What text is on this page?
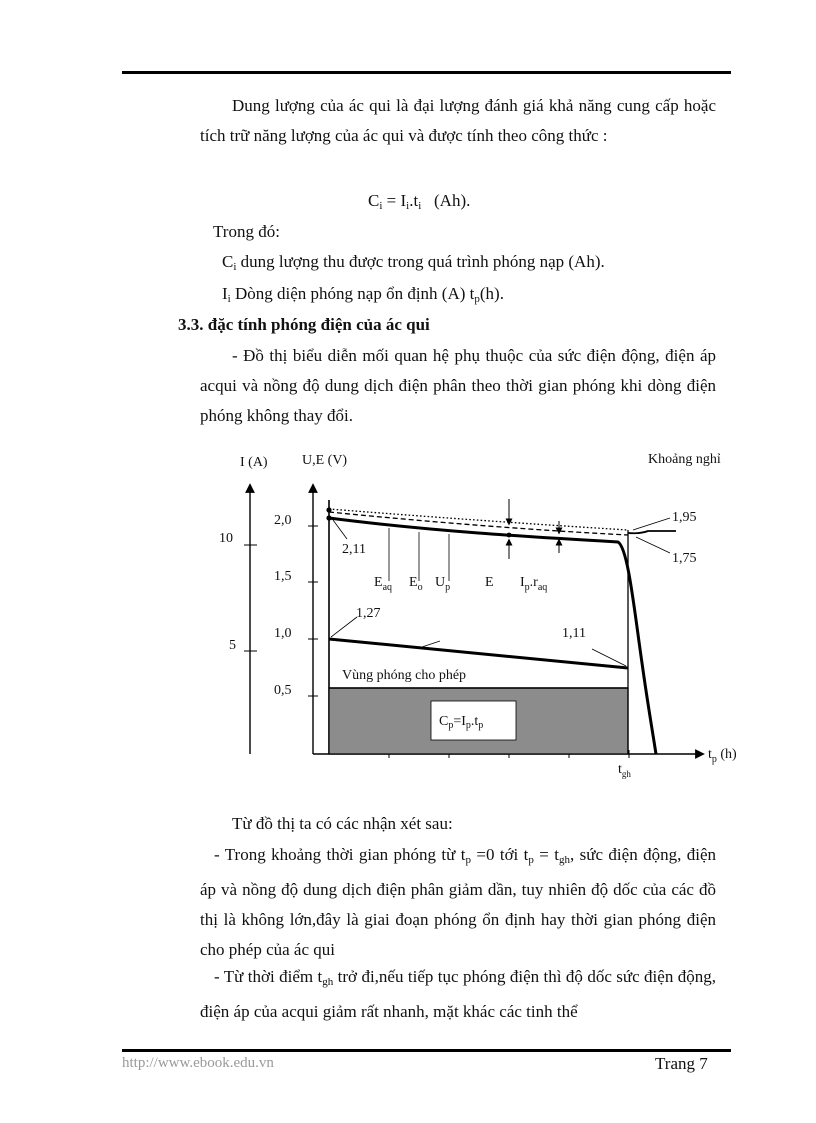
Dung lượng của ác qui là đại lượng đánh giá khả năng cung cấp hoặc tích trữ năng lượng của ác qui và được tính theo công thức :

$C_i = I_i.t_i$   (Ah).
Trong đó:
$C_i$ dung lượng thu được trong quá trình phóng nạp (Ah).
$I_i$ Dòng diện phóng nạp ổn định (A) $t_p(h)$.
3.3. đặc tính phóng điện của ác qui

- Đồ thị biểu diễn mối quan hệ phụ thuộc của sức điện động, điện áp acqui và nồng độ dung dịch điện phân theo thời gian phóng khi dòng điện phóng không thay đổi.

I (A) U,E (V)	Khoảng nghỉ
10
5
2,0
1,5
1,0
0,5
$C_p=I_p.t_p$
Vùng phóng cho phép
2,11
1,95
1,75
1,27
1,11
$E_{aq}$ $E_o$ $U_p$ E $I_p.r_{aq}$
$t_p$ (h)
$t_{gh}$
Từ đồ thị ta có các nhận xét sau:

- Trong khoảng thời gian phóng từ $t_p =0$ tới $t_p = t_{gh}$, sức điện động, điện áp và nồng độ dung dịch điện phân giảm dần, tuy nhiên độ dốc của các đồ thị là không lớn,đây là giai đoạn phóng ổn định hay thời gian phóng điện cho phép của ác qui

- Từ thời điểm $t_{gh}$ trở đi,nếu tiếp tục phóng điện thì độ dốc sức điện động, điện áp của acqui giảm rất nhanh, mặt khác các tinh thể

http://www.ebook.edu.vn	Trang 7
